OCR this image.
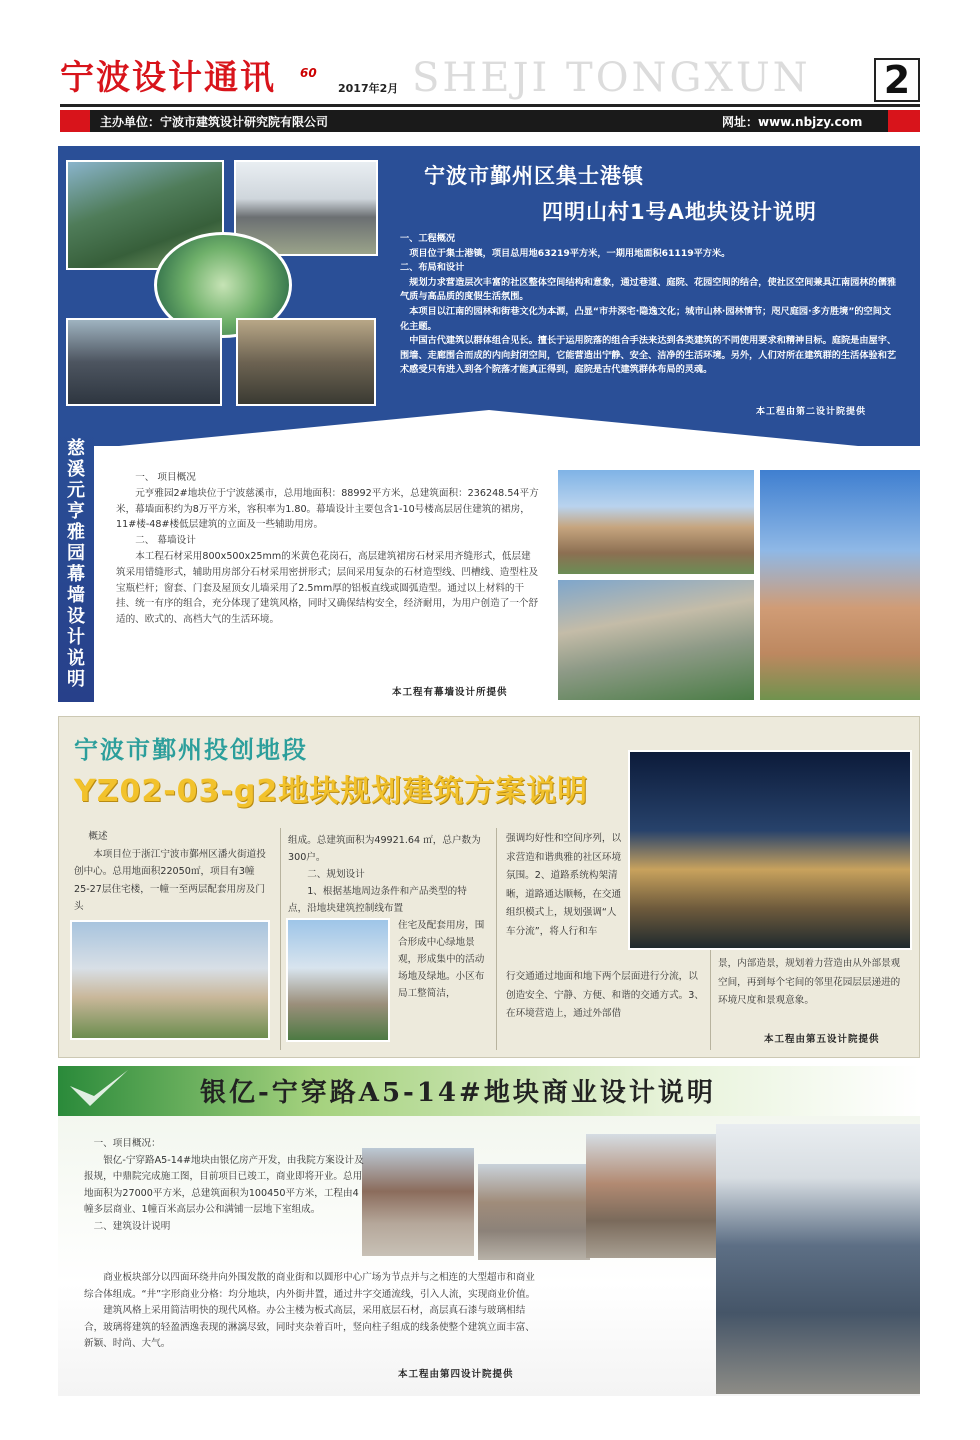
宁波设计通讯 60
2017年2月 SHEJI TONGXUN 2
主办单位：宁波市建筑设计研究院有限公司	网址：www.nbjzy.com
宁波市鄞州区集士港镇
四明山村1号A地块设计说明

一、工程概况

项目位于集士港镇，项目总用地63219平方米，一期用地面积61119平方米。

二、布局和设计

规划力求营造层次丰富的社区整体空间结构和意象，通过巷道、庭院、花园空间的结合，使社区空间兼具江南园林的儒雅气质与高品质的度假生活氛围。

本项目以江南的园林和街巷文化为本源，凸显“市井深宅·隐逸文化；城市山林·园林情节；咫尺庭园·多方胜境”的空间文化主题。

中国古代建筑以群体组合见长。擅长于运用院落的组合手法来达到各类建筑的不同使用要求和精神目标。庭院是由屋宇、围墙、走廊围合而成的内向封闭空间，它能营造出宁静、安全、洁净的生活环境。另外，人们对所在建筑群的生活体验和艺术感受只有进入到各个院落才能真正得到，庭院是古代建筑群体布局的灵魂。

本工程由第二设计院提供
慈溪元亨雅园幕墙设计说明

一、 项目概况

元亨雅园2#地块位于宁波慈溪市，总用地面积：88992平方米，总建筑面积：236248.54平方米，幕墙面积约为8万平方米，容积率为1.80。幕墙设计主要包含1-10号楼高层居住建筑的裙房，11#楼-48#楼低层建筑的立面及一些辅助用房。

二、 幕墙设计

本工程石材采用800x500x25mm的米黄色花岗石，高层建筑裙房石材采用齐缝形式，低层建筑采用错缝形式，辅助用房部分石材采用密拼形式；层间采用复杂的石材造型线、凹槽线、造型柱及宝瓶栏杆；窗套、门套及屋顶女儿墙采用了2.5mm厚的铝板直线或圆弧造型。通过以上材料的干挂、统一有序的组合，充分体现了建筑风格，同时又确保结构安全，经济耐用，为用户创造了一个舒适的、欧式的、高档大气的生活环境。

本工程有幕墙设计所提供
宁波市鄞州投创地段
YZ02-03-g2地块规划建筑方案说明

概述

本项目位于浙江宁波市鄞州区潘火街道投创中心。总用地面积22050㎡，项目有3幢25-27层住宅楼，一幢一至两层配套用房及门头

组成。总建筑面积为49921.64 ㎡，总户数为300户。

二、规划设计

1、根据基地周边条件和产品类型的特点，沿地块建筑控制线布置

住宅及配套用房，围合形成中心绿地景观，形成集中的活动场地及绿地。小区布局工整简洁，
强调均好性和空间序列，以求营造和谐典雅的社区环境氛围。2、道路系统构架清晰，道路通达顺畅，在交通组织模式上，规划强调“人车分流”，将人行和车
行交通通过地面和地下两个层面进行分流，以创造安全、宁静、方便、和谐的交通方式。3、在环境营造上，通过外部借
景，内部造景，规划着力营造由从外部景观空间，再到每个宅间的邻里花园层层递进的环境尺度和景观意象。
本工程由第五设计院提供
银亿-宁穿路A5-14#地块商业设计说明

一、项目概况：

银亿-宁穿路A5-14#地块由银亿房产开发，由我院方案设计及报规，中鼎院完成施工图，目前项目已竣工，商业即将开业。总用地面积为27000平方米，总建筑面积为100450平方米，工程由4幢多层商业、1幢百米高层办公和满铺一层地下室组成。

二、建筑设计说明

商业板块部分以四面环绕井向外围发散的商业街和以圆形中心广场为节点并与之相连的大型超市和商业综合体组成。“井”字形商业分格：均分地块，内外街井置，通过井字交通流线，引入人流，实现商业价值。

建筑风格上采用简洁明快的现代风格。办公主楼为板式高层，采用底层石材，高层真石漆与玻璃相结合，玻璃将建筑的轻盈洒逸表现的淋漓尽致，同时夹杂着百叶，竖向柱子组成的线条使整个建筑立面丰富、新颖、时尚、大气。

本工程由第四设计院提供
